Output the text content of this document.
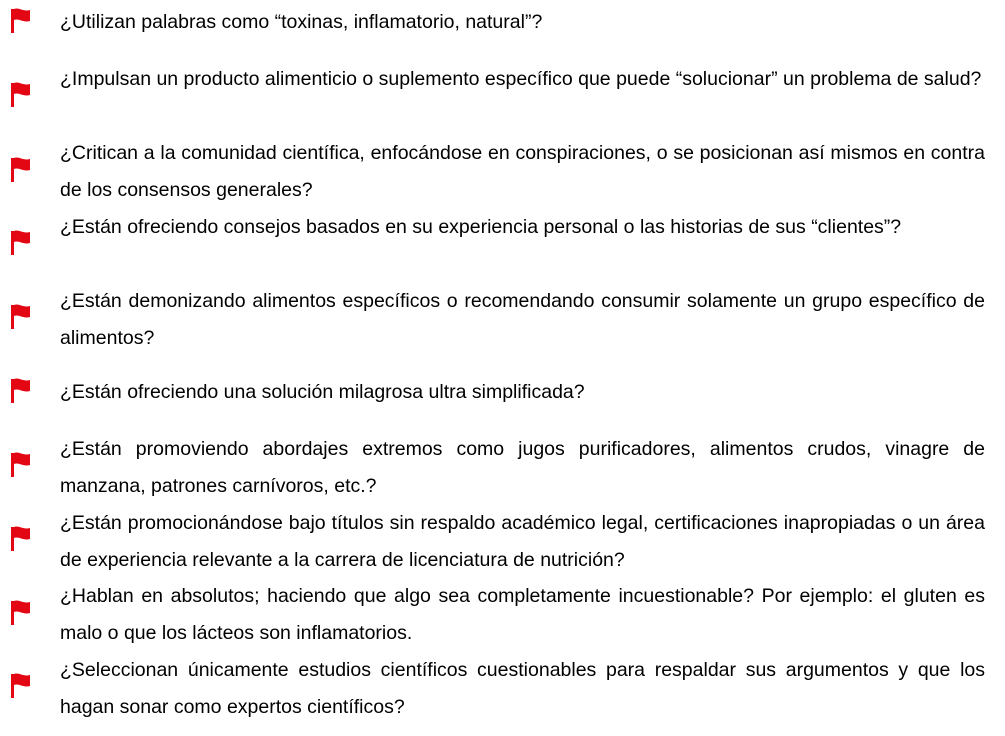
¿Utilizan palabras como “toxinas, inflamatorio, natural”?

¿Impulsan un producto alimenticio o suplemento específico que puede “solucionar” un problema de salud?

¿Critican a la comunidad científica, enfocándose en conspiraciones, o se posicionan así mismos en contra de los consensos generales?

¿Están ofreciendo consejos basados en su experiencia personal o las historias de sus “clientes”?

¿Están demonizando alimentos específicos o recomendando consumir solamente un grupo específico de alimentos?

¿Están ofreciendo una solución milagrosa ultra simplificada?

¿Están promoviendo abordajes extremos como jugos purificadores, alimentos crudos, vinagre de manzana, patrones carnívoros, etc.?

¿Están promocionándose bajo títulos sin respaldo académico legal, certificaciones inapropiadas o un área de experiencia relevante a la carrera de licenciatura de nutrición?

¿Hablan en absolutos; haciendo que algo sea completamente incuestionable? Por ejemplo: el gluten es malo o que los lácteos son inflamatorios.

¿Seleccionan únicamente estudios científicos cuestionables para respaldar sus argumentos y que los hagan sonar como expertos científicos?
